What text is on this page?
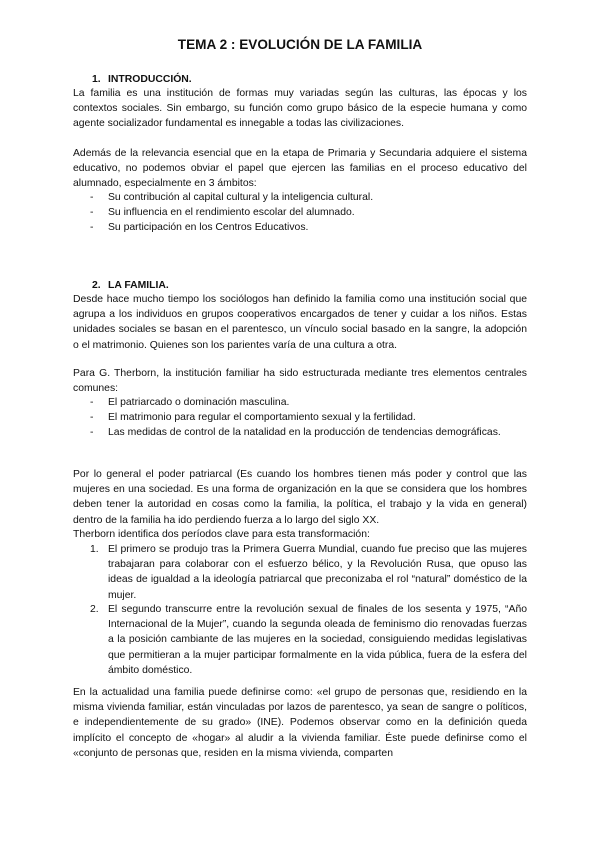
TEMA 2 : EVOLUCIÓN DE LA FAMILIA
1. INTRODUCCIÓN.
La familia es una institución de formas muy variadas según las culturas, las épocas y los contextos sociales. Sin embargo, su función como grupo básico de la especie humana y como agente socializador fundamental es innegable a todas las civilizaciones.
Además de la relevancia esencial que en la etapa de Primaria y Secundaria adquiere el sistema educativo, no podemos obviar el papel que ejercen las familias en el proceso educativo del alumnado, especialmente en 3 ámbitos:
- Su contribución al capital cultural y la inteligencia cultural.
- Su influencia en el rendimiento escolar del alumnado.
- Su participación en los Centros Educativos.
2. LA FAMILIA.
Desde hace mucho tiempo los sociólogos han definido la familia como una institución social que agrupa a los individuos en grupos cooperativos encargados de tener y cuidar a los niños. Estas unidades sociales se basan en el parentesco, un vínculo social basado en la sangre, la adopción o el matrimonio. Quienes son los parientes varía de una cultura a otra.
Para G. Therborn, la institución familiar ha sido estructurada mediante tres elementos centrales comunes:
- El patriarcado o dominación masculina.
- El matrimonio para regular el comportamiento sexual y la fertilidad.
- Las medidas de control de la natalidad en la producción de tendencias demográficas.
Por lo general el poder patriarcal (Es cuando los hombres tienen más poder y control que las mujeres en una sociedad. Es una forma de organización en la que se considera que los hombres deben tener la autoridad en cosas como la familia, la política, el trabajo y la vida en general) dentro de la familia ha ido perdiendo fuerza a lo largo del siglo XX.
Therborn identifica dos períodos clave para esta transformación:
1. El primero se produjo tras la Primera Guerra Mundial, cuando fue preciso que las mujeres trabajaran para colaborar con el esfuerzo bélico, y la Revolución Rusa, que opuso las ideas de igualdad a la ideología patriarcal que preconizaba el rol “natural” doméstico de la mujer.
2. El segundo transcurre entre la revolución sexual de finales de los sesenta y 1975, “Año Internacional de la Mujer”, cuando la segunda oleada de feminismo dio renovadas fuerzas a la posición cambiante de las mujeres en la sociedad, consiguiendo medidas legislativas que permitieran a la mujer participar formalmente en la vida pública, fuera de la esfera del ámbito doméstico.
En la actualidad una familia puede definirse como: «el grupo de personas que, residiendo en la misma vivienda familiar, están vinculadas por lazos de parentesco, ya sean de sangre o políticos, e independientemente de su grado» (INE). Podemos observar como en la definición queda implícito el concepto de «hogar» al aludir a la vivienda familiar. Éste puede definirse como el «conjunto de personas que, residen en la misma vivienda, comparten
